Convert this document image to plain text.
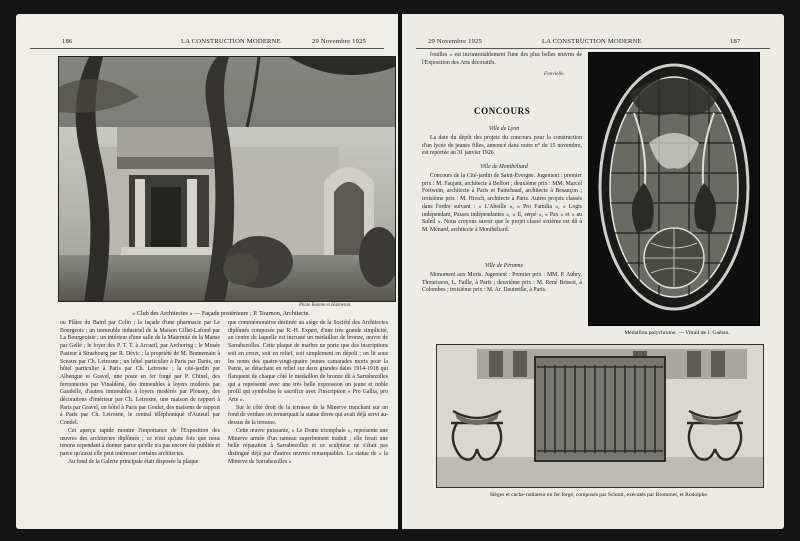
186	LA CONSTRUCTION MODERNE	29 Novembre 1925
Photo Bonnie et Hanneton.
« Club des Architectes » — Façade postérieure ; P. Tournon, Architecte.

ou Plâtre du Baird par Celin ; la façade d'une pharmacie par Le Bourgeois ; un immeuble industriel de la Maison Gillet-Lafond par La Bourgeoisie ; un intérieur d'une salle de la Maternité de la Manse par Gellé ; le foyer des P. T. T. à Arcueil, par Archoring ; le Musée Pasteur à Strasbourg par R. Dévic ; la propriété de M. Bonnemain à Sceaux par Ch. Letrosne ; un hôtel particulier à Paris par Danis, un hôtel particulier à Paris par Ch. Letrosne ; la cité-jardin par Albengue et Gravel, une poste en fer forgé par P. Chinel, des ferronneries par Vinaldène, des immeubles à loyers modérés par Gaudelle, d'autres immeubles à loyers modérés par Plousey, des décorations d'intérieur par Ch. Letrosne, une maison de rapport à Paris par Gravel, un hôtel à Paris par Goulet, des maisons de rapport à Paris par Ch. Letrosne, le central téléphonique d'Auteuil par Condel.

Cet aperçu rapide montre l'importance de l'Exposition des œuvres des architectes diplômés ; ce n'est qu'une fois que nous tenons cependant à donner parce qu'elle n'a pas encore été publiée et parce qu'aussi elle peut intéresser certains architectes.

Au fond de la Galerie principale était disposée la plaque

que commémorative destinée au siège de la Société des Architectes diplômés composée par R.-H. Expert, d'une très grande simplicité, au centre de laquelle est incrusté un médaillon de bronze, œuvre de Sarrabezolles. Cette plaque de marbre ne porte que des inscriptions soit en creux, soit en relief, soit simplement en dépoli ; on lit sous les noms des quatre-vingt-quatre jeunes camarades morts pour la Patrie, se détachant en relief sur deux grandes dates 1914-1918 qui flanquent de chaque côté le médaillon de bronze dû à Sarrabezolles qui a représenté avec une très belle expression un jeune et noble profil qui symbolise le sacrifice avec l'inscription « Pro Gallia, pro Arte ».

Sur le côté droit de la terrasse de la Minerve tranchant sur un fond de verdure on remarquait la statue doree qui avait déjà servi au-dessus de la terrasse.

Cette œuvre puissante, « Le Dome triomphale », représente une Minerve armée d'un rameau superbement traduit ; elle ferait une belle réparation à Sarrabezolles et ce sculpteur ne s'était pas distingué déjà par d'autres œuvres remarquables. La statue de « la Minerve de Sarrabezolles »

29 Novembre 1925	LA CONSTRUCTION MODERNE	187

fouilles » est incontestablement l'une des plus belles œuvres de l'Exposition des Arts décoratifs.

Fonvielle.
CONCOURS
Ville de Lyon

La date du dépôt des projets du concours pour la construction d'un lycée de jeunes filles, annoncé dans notre n° du 15 novembre, est reportée au 31 janvier 1926.

Ville de Montbéliard

Concours de la Cité-jardin de Saint-Evergne. Jugement : premier prix : M. Faujant, architecte à Belfort ; deuxième prix : MM. Marcel Fortwein, architecte à Paris et Painchaud, architecte à Besançon ; troisième prix : M. Hirsch, architecte à Paris. Autres projets classés dans l'ordre suivant : « L'Abeille », « Pro Familia », « Logis indépendant, Passes indépendantes », « Il, serpé », « Pax » et « au Soleil ». Nous croyons savoir que le projet classé sixième est dû à M. Ménard, architecte à Montbéliard.

Ville de Péronne

Monument aux Morts. Jugement : Premier prix : MM. P. Aubry, Thourisson, L. Faille, à Paris ; deuxième prix : M. René Brissot, à Colombes ; troisième prix : M. Ar. Dautreille, à Paris.

Médaillon polychrome. — Vitrail de J. Gaëtan.
Sièges et cache-radiateur en fer forgé, composés par Schmit, exécutés par Brommer, et Rodolphe.
